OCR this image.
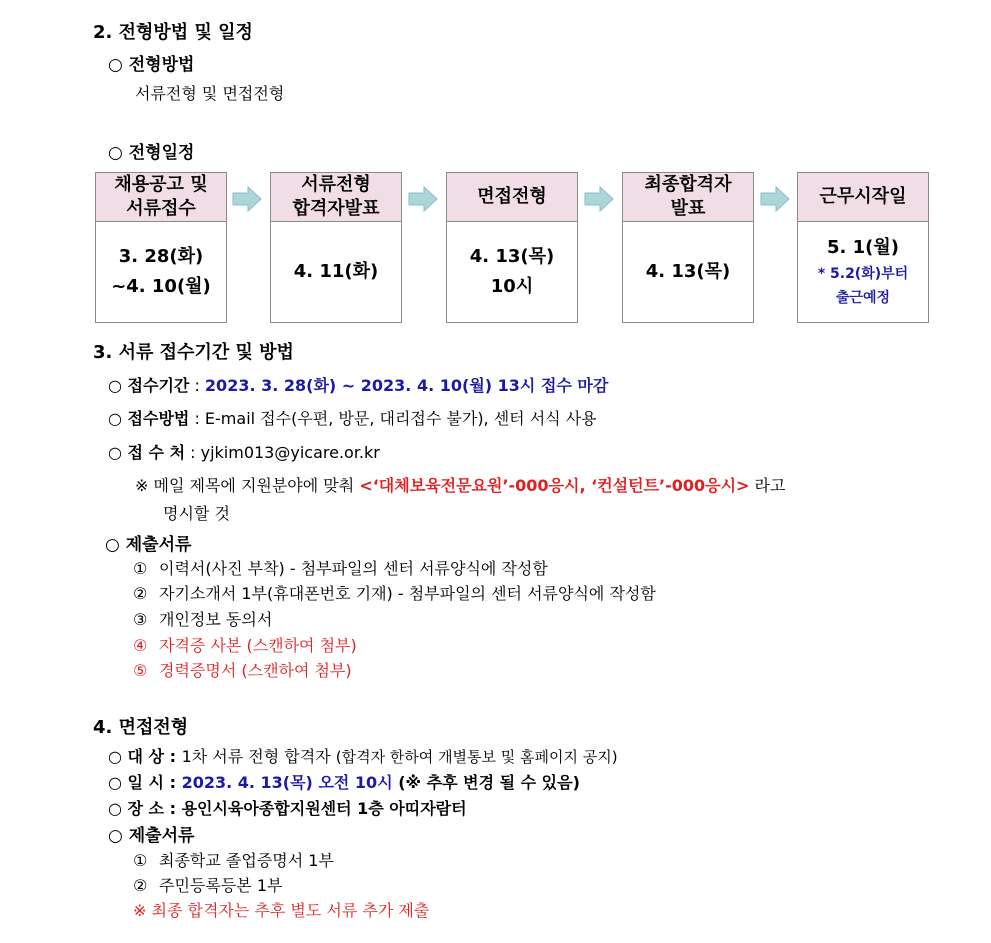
2. 전형방법 및 일정
○ 전형방법
서류전형 및 면접전형
○ 전형일정
채용공고 및
서류접수
3. 28(화)
~4. 10(월)
서류전형
합격자발표
4. 11(화)
면접전형
4. 13(목)
10시
최종합격자
발표
4. 13(목)
근무시작일
5. 1(월)
* 5.2(화)부터
출근예정
3. 서류 접수기간 및 방법
○ 접수기간 : 2023. 3. 28(화) ~ 2023. 4. 10(월) 13시 접수 마감
○ 접수방법 : E-mail 접수(우편, 방문, 대리접수 불가), 센터 서식 사용
○ 접 수 처 : yjkim013@yicare.or.kr
※ 메일 제목에 지원분야에 맞춰 <‘대체보육전문요원’-000응시, ‘컨설턴트’-000응시> 라고
명시할 것
○ 제출서류
① 이력서(사진 부착) - 첨부파일의 센터 서류양식에 작성함
② 자기소개서 1부(휴대폰번호 기재) - 첨부파일의 센터 서류양식에 작성함
③ 개인정보 동의서
④ 자격증 사본 (스캔하여 첨부)
⑤ 경력증명서 (스캔하여 첨부)
4. 면접전형
○ 대 상 : 1차 서류 전형 합격자 (합격자 한하여 개별통보 및 홈페이지 공지)
○ 일 시 : 2023. 4. 13(목) 오전 10시 (※ 추후 변경 될 수 있음)
○ 장 소 : 용인시육아종합지원센터 1층 아띠자람터
○ 제출서류
① 최종학교 졸업증명서 1부
② 주민등록등본 1부
※ 최종 합격자는 추후 별도 서류 추가 제출
